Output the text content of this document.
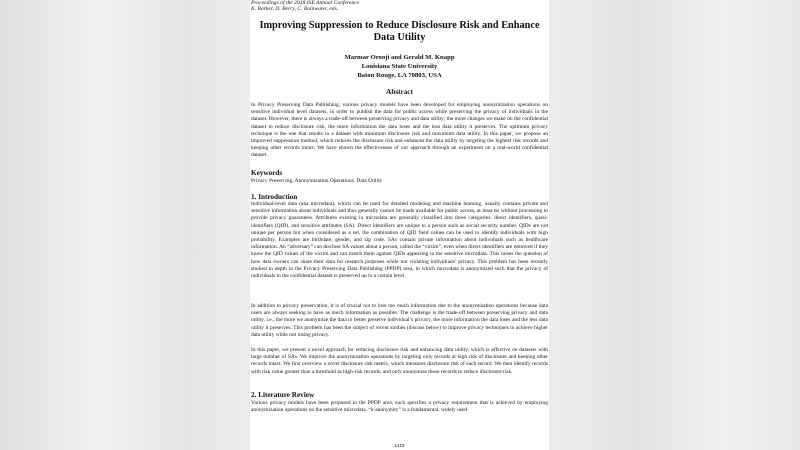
Proceedings of the 2018 ISE Annual Conference
K. Barker, D. Berry, C. Rainwater, eds.
Improving Suppression to Reduce Disclosure Risk and Enhance Data Utility
Marmar Orooji and Gerald M. Knapp
Louisiana State University
Baton Rouge, LA 70803, USA
Abstract
In Privacy Preserving Data Publishing, various privacy models have been developed for employing anonymization operations on sensitive individual level datasets, in order to publish the data for public access while preserving the privacy of individuals in the dataset. However, there is always a trade-off between preserving privacy and data utility; the more changes we make on the confidential dataset to reduce disclosure risk, the more information the data loses and the less data utility it preserves. The optimum privacy technique is the one that results in a dataset with minimum disclosure risk and maximum data utility. In this paper, we propose an improved suppression method, which reduces the disclosure risk and enhances the data utility by targeting the highest risk records and keeping other records intact. We have shown the effectiveness of our approach through an experiment on a real-world confidential dataset.
Keywords
Privacy Preserving, Anonymization Operations, Data Utility
1. Introduction
Individual-level data (aka microdata), which can be used for detailed modeling and machine learning, usually contains private and sensitive information about individuals and thus generally cannot be made available for public access, at least no without processing to provide privacy guarantees. Attributes existing in microdata are generally classified into three categories: direct identifiers, quasi-identifiers (QID), and sensitive attributes (SA). Direct identifiers are unique to a person such as social security number. QIDs are not unique per person but when considered as a set, the combination of QID field values can be used to identify individuals with high probability. Examples are birthdate, gender, and zip code. SAs contain private information about individuals such as healthcare information. An “adversary” can disclose SA values about a person, called the “victim”, even when direct identifiers are removed if they know the QID values of the victim and can match them against QIDs appearing in the sensitive microdata. This raises the question of how data owners can share their data for research purposes while not violating individuals’ privacy. This problem has been recently studied in depth in the Privacy Preserving Data Publishing (PPDP) area, in which microdata is anonymized such that the privacy of individuals in the confidential dataset is preserved up to a certain level.
In addition to privacy preservation, it is of crucial not to lose too much information due to the anonymization operations because data users are always seeking to have as much information as possible. The challenge is the trade-off between preserving privacy and data utility, i.e., the more we anonymize the data to better preserve individual’s privacy, the more information the data loses and the less data utility it preserves. This problem has been the subject of recent studies (discuss below) to improve privacy techniques to achieve higher data utility while not losing privacy.
In this paper, we present a novel approach for reducing disclosure risk and enhancing data utility, which is effective on datasets with large number of SAs. We improve the anonymization operations by targeting only records at high risk of disclosure and keeping other records intact. We first overview a novel disclosure risk metric, which measures disclosure risk of each record. We then identify records with risk value greater than a threshold as high-risk records, and only anonymize these records to reduce disclosure risk.
2. Literature Review
Various privacy models have been proposed in the PPDP area, each specifies a privacy requirement that is achieved by employing anonymization operations on the sensitive microdata. “k-anonymity” is a fundamental, widely used
1415
